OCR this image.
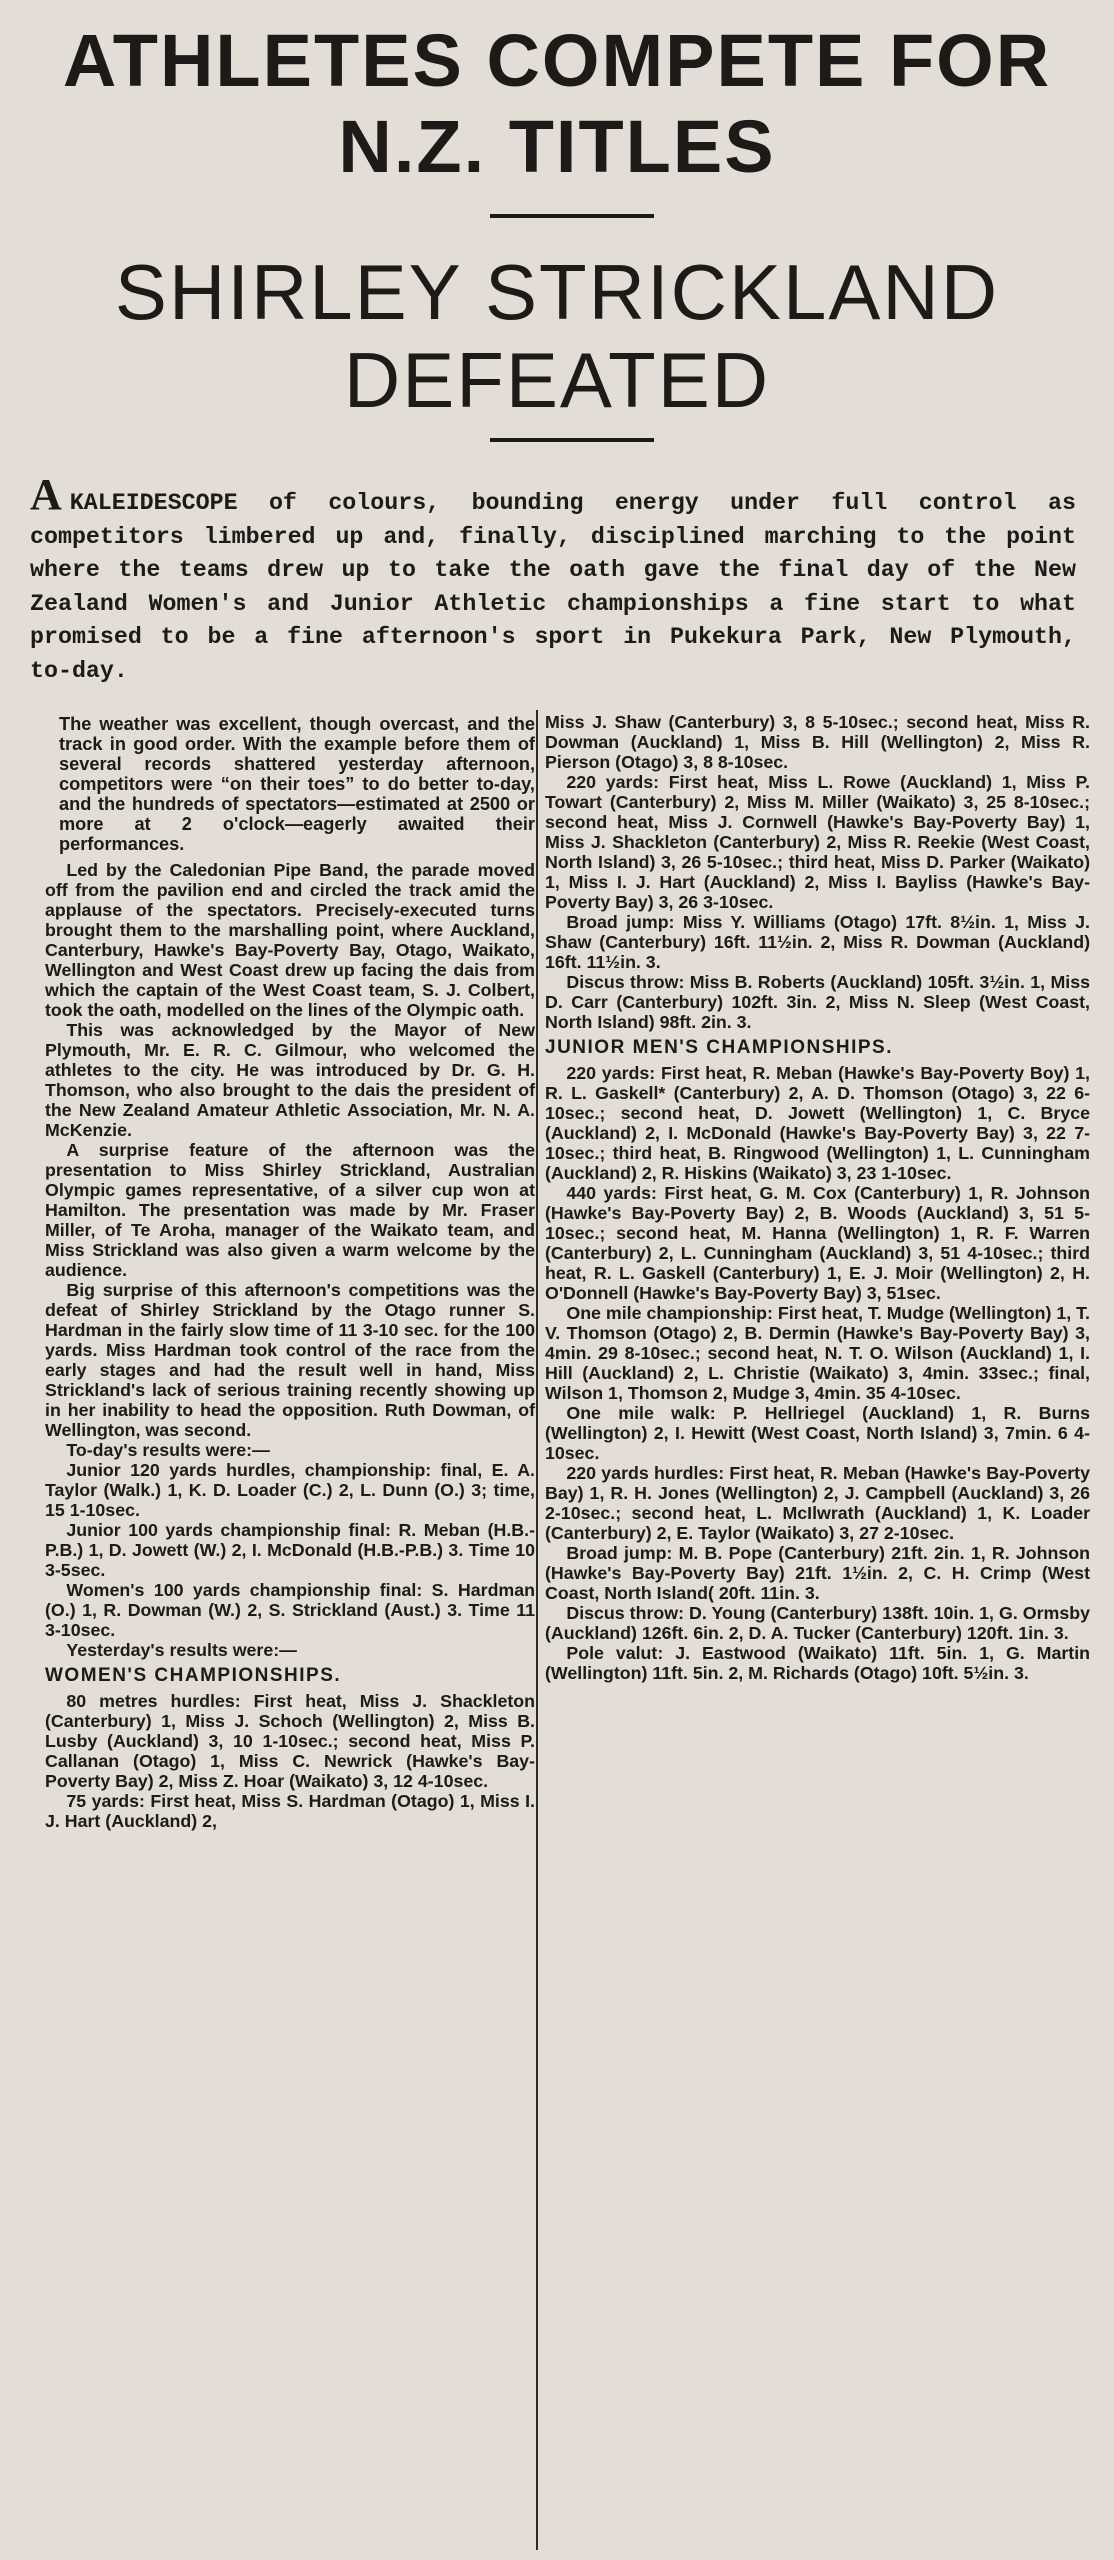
ATHLETES COMPETE FOR
N.Z. TITLES
SHIRLEY STRICKLAND
DEFEATED

AKALEIDESCOPE of colours, bounding energy under full control as competitors limbered up and, finally, disciplined marching to the point where the teams drew up to take the oath gave the final day of the New Zealand Women's and Junior Athletic championships a fine start to what promised to be a fine afternoon's sport in Pukekura Park, New Plymouth, to-day.

The weather was excellent, though overcast, and the track in good order. With the example before them of several records shattered yesterday afternoon, competitors were “on their toes” to do better to-day, and the hundreds of spectators—estimated at 2500 or more at 2 o'clock—eagerly awaited their performances.

Led by the Caledonian Pipe Band, the parade moved off from the pavilion end and circled the track amid the applause of the spectators. Precisely-executed turns brought them to the marshalling point, where Auckland, Canterbury, Hawke's Bay-Poverty Bay, Otago, Waikato, Wellington and West Coast drew up facing the dais from which the captain of the West Coast team, S. J. Colbert, took the oath, modelled on the lines of the Olympic oath.

This was acknowledged by the Mayor of New Plymouth, Mr. E. R. C. Gilmour, who welcomed the athletes to the city. He was introduced by Dr. G. H. Thomson, who also brought to the dais the president of the New Zealand Amateur Athletic Association, Mr. N. A. McKenzie.

A surprise feature of the afternoon was the presentation to Miss Shirley Strickland, Australian Olympic games representative, of a silver cup won at Hamilton. The presentation was made by Mr. Fraser Miller, of Te Aroha, manager of the Waikato team, and Miss Strickland was also given a warm welcome by the audience.

Big surprise of this afternoon's competitions was the defeat of Shirley Strickland by the Otago runner S. Hardman in the fairly slow time of 11 3-10 sec. for the 100 yards. Miss Hardman took control of the race from the early stages and had the result well in hand, Miss Strickland's lack of serious training recently showing up in her inability to head the opposition. Ruth Dowman, of Wellington, was second.

To-day's results were:—

Junior 120 yards hurdles, championship: final, E. A. Taylor (Walk.) 1, K. D. Loader (C.) 2, L. Dunn (O.) 3; time, 15 1-10sec.

Junior 100 yards championship final: R. Meban (H.B.-P.B.) 1, D. Jowett (W.) 2, I. McDonald (H.B.-P.B.) 3. Time 10 3-5sec.

Women's 100 yards championship final: S. Hardman (O.) 1, R. Dowman (W.) 2, S. Strickland (Aust.) 3. Time 11 3-10sec.

Yesterday's results were:—

WOMEN'S CHAMPIONSHIPS.

80 metres hurdles: First heat, Miss J. Shackleton (Canterbury) 1, Miss J. Schoch (Wellington) 2, Miss B. Lusby (Auckland) 3, 10 1-10sec.; second heat, Miss P. Callanan (Otago) 1, Miss C. Newrick (Hawke's Bay-Poverty Bay) 2, Miss Z. Hoar (Waikato) 3, 12 4-10sec.

75 yards: First heat, Miss S. Hardman (Otago) 1, Miss I. J. Hart (Auckland) 2,

Miss J. Shaw (Canterbury) 3, 8 5-10sec.; second heat, Miss R. Dowman (Auckland) 1, Miss B. Hill (Wellington) 2, Miss R. Pierson (Otago) 3, 8 8-10sec.

220 yards: First heat, Miss L. Rowe (Auckland) 1, Miss P. Towart (Canterbury) 2, Miss M. Miller (Waikato) 3, 25 8-10sec.; second heat, Miss J. Cornwell (Hawke's Bay-Poverty Bay) 1, Miss J. Shackleton (Canterbury) 2, Miss R. Reekie (West Coast, North Island) 3, 26 5-10sec.; third heat, Miss D. Parker (Waikato) 1, Miss I. J. Hart (Auckland) 2, Miss I. Bayliss (Hawke's Bay-Poverty Bay) 3, 26 3-10sec.

Broad jump: Miss Y. Williams (Otago) 17ft. 8½in. 1, Miss J. Shaw (Canterbury) 16ft. 11½in. 2, Miss R. Dowman (Auckland) 16ft. 11½in. 3.

Discus throw: Miss B. Roberts (Auckland) 105ft. 3½in. 1, Miss D. Carr (Canterbury) 102ft. 3in. 2, Miss N. Sleep (West Coast, North Island) 98ft. 2in. 3.

JUNIOR MEN'S CHAMPIONSHIPS.

220 yards: First heat, R. Meban (Hawke's Bay-Poverty Boy) 1, R. L. Gaskell* (Canterbury) 2, A. D. Thomson (Otago) 3, 22 6-10sec.; second heat, D. Jowett (Wellington) 1, C. Bryce (Auckland) 2, I. McDonald (Hawke's Bay-Poverty Bay) 3, 22 7-10sec.; third heat, B. Ringwood (Wellington) 1, L. Cunningham (Auckland) 2, R. Hiskins (Waikato) 3, 23 1-10sec.

440 yards: First heat, G. M. Cox (Canterbury) 1, R. Johnson (Hawke's Bay-Poverty Bay) 2, B. Woods (Auckland) 3, 51 5-10sec.; second heat, M. Hanna (Wellington) 1, R. F. Warren (Canterbury) 2, L. Cunningham (Auckland) 3, 51 4-10sec.; third heat, R. L. Gaskell (Canterbury) 1, E. J. Moir (Wellington) 2, H. O'Donnell (Hawke's Bay-Poverty Bay) 3, 51sec.

One mile championship: First heat, T. Mudge (Wellington) 1, T. V. Thomson (Otago) 2, B. Dermin (Hawke's Bay-Poverty Bay) 3, 4min. 29 8-10sec.; second heat, N. T. O. Wilson (Auckland) 1, I. Hill (Auckland) 2, L. Christie (Waikato) 3, 4min. 33sec.; final, Wilson 1, Thomson 2, Mudge 3, 4min. 35 4-10sec.

One mile walk: P. Hellriegel (Auckland) 1, R. Burns (Wellington) 2, I. Hewitt (West Coast, North Island) 3, 7min. 6 4-10sec.

220 yards hurdles: First heat, R. Meban (Hawke's Bay-Poverty Bay) 1, R. H. Jones (Wellington) 2, J. Campbell (Auckland) 3, 26 2-10sec.; second heat, L. McIlwrath (Auckland) 1, K. Loader (Canterbury) 2, E. Taylor (Waikato) 3, 27 2-10sec.

Broad jump: M. B. Pope (Canterbury) 21ft. 2in. 1, R. Johnson (Hawke's Bay-Poverty Bay) 21ft. 1½in. 2, C. H. Crimp (West Coast, North Island( 20ft. 11in. 3.

Discus throw: D. Young (Canterbury) 138ft. 10in. 1, G. Ormsby (Auckland) 126ft. 6in. 2, D. A. Tucker (Canterbury) 120ft. 1in. 3.

Pole valut: J. Eastwood (Waikato) 11ft. 5in. 1, G. Martin (Wellington) 11ft. 5in. 2, M. Richards (Otago) 10ft. 5½in. 3.
